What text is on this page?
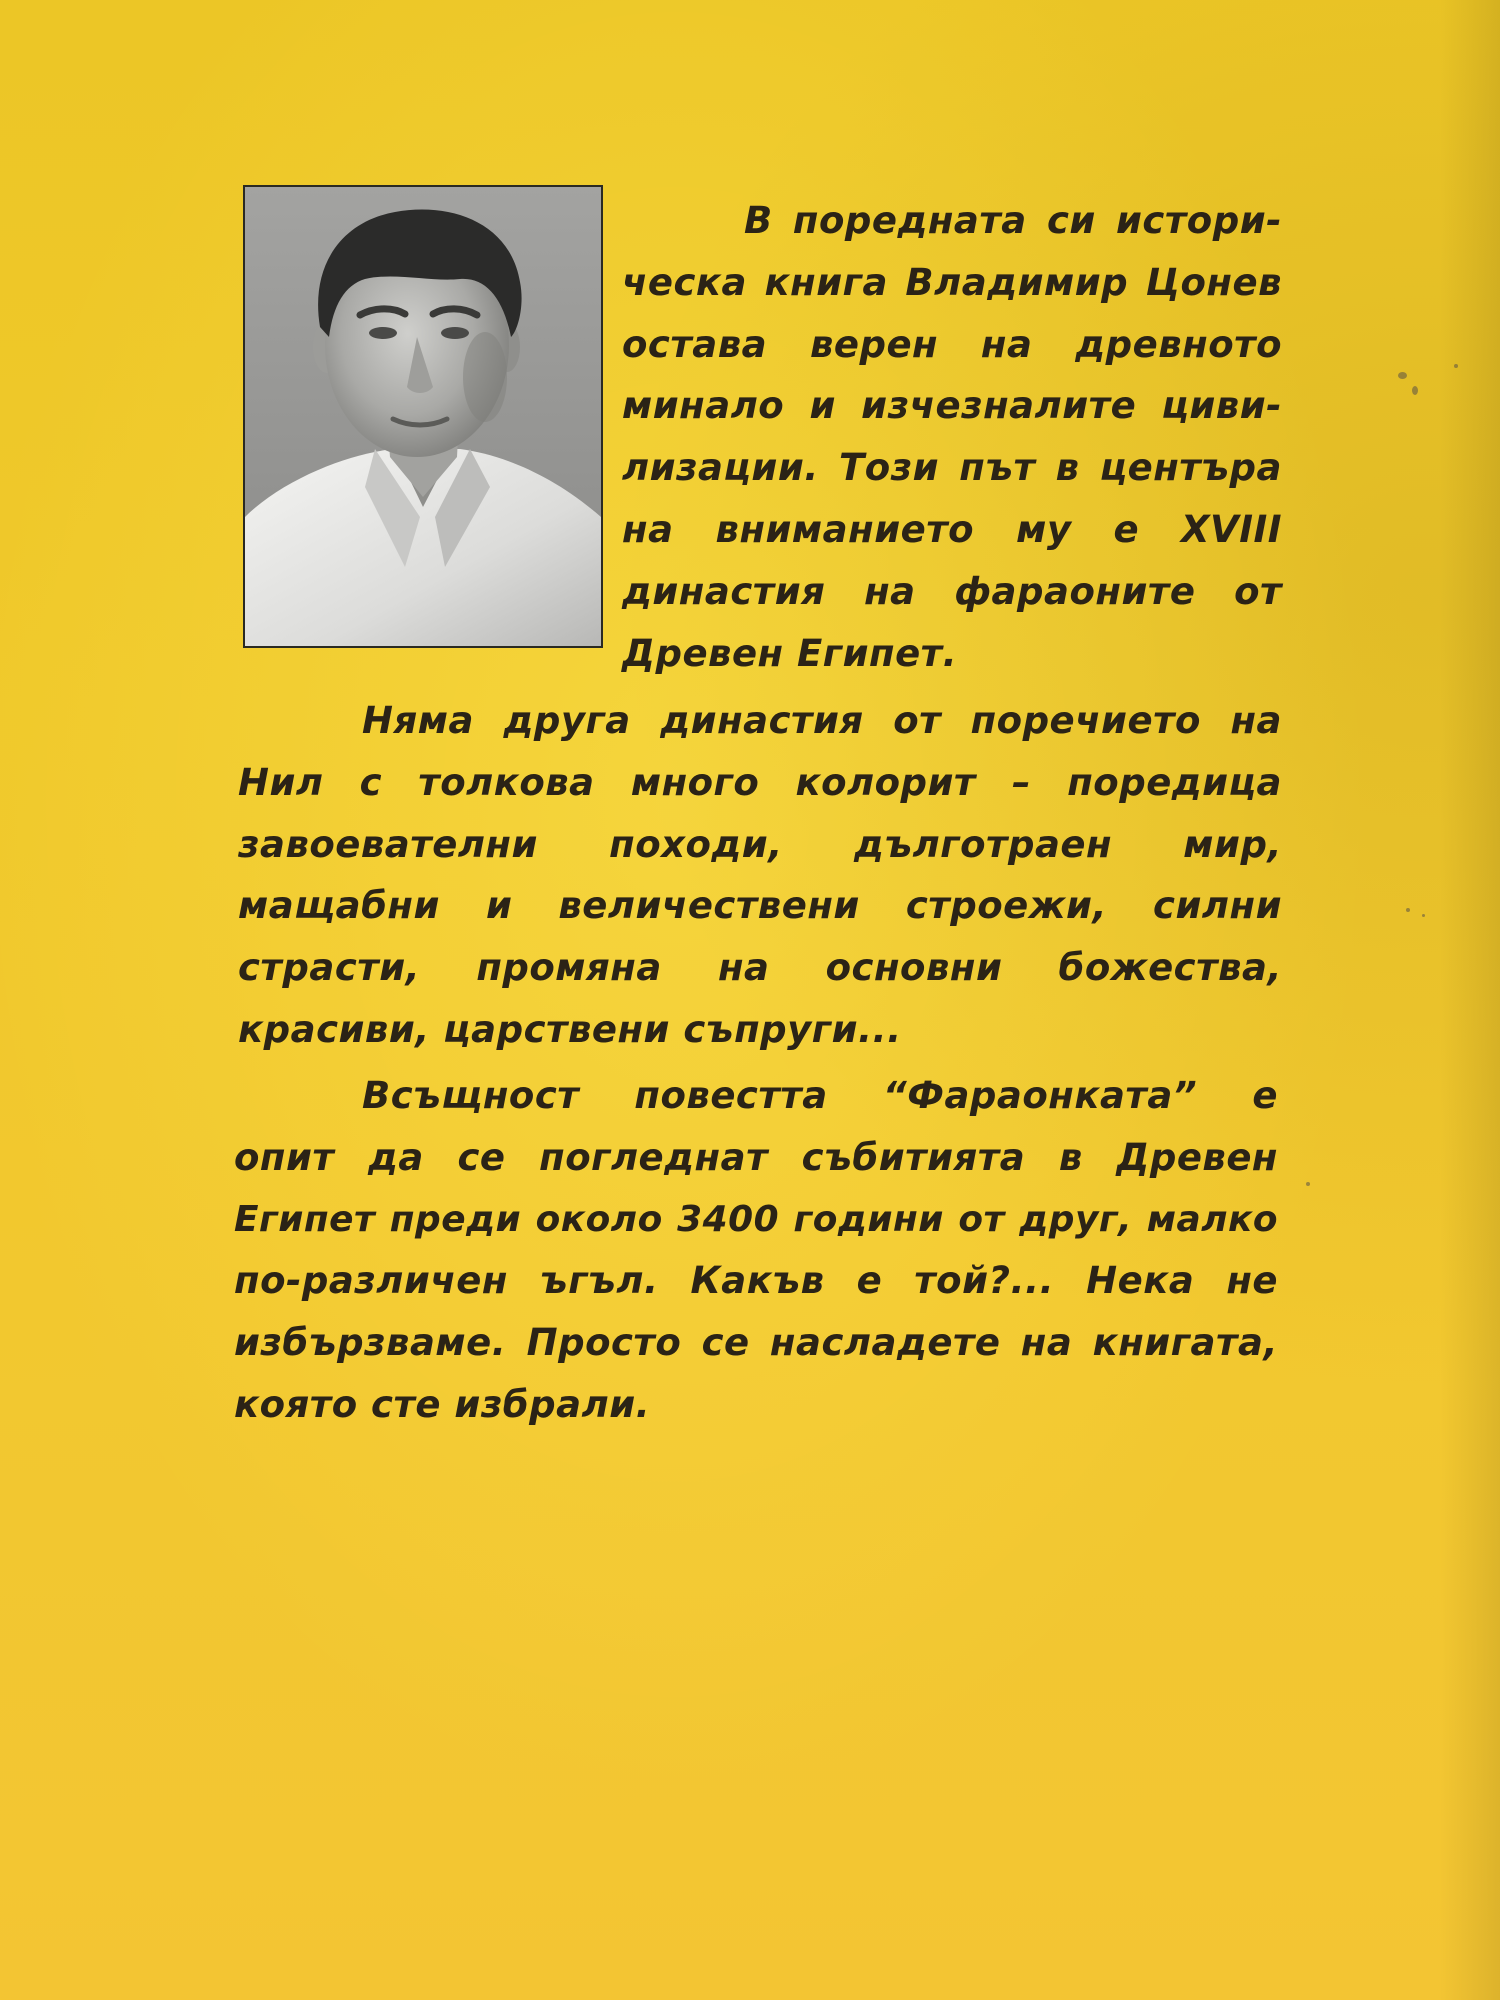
В поредната си истори-
ческа книга Владимир Цонев
остава верен на древното
минало и изчезналите циви-
лизации. Този път в центъра
на вниманието му е XVIII
династия на фараоните от
Древен Египет.

Няма друга династия от поречието на
Нил с толкова много колорит – поредица
завоевателни походи, дълготраен мир,
мащабни и величествени строежи, силни
страсти, промяна на основни божества,
красиви, царствени съпруги...

Всъщност повестта “Фараонката” е
опит да се погледнат събитията в Древен
Египет преди около 3400 години от друг, малко
по-различен ъгъл. Какъв е той?... Нека не
избързваме. Просто се насладете на книгата,
която сте избрали.
